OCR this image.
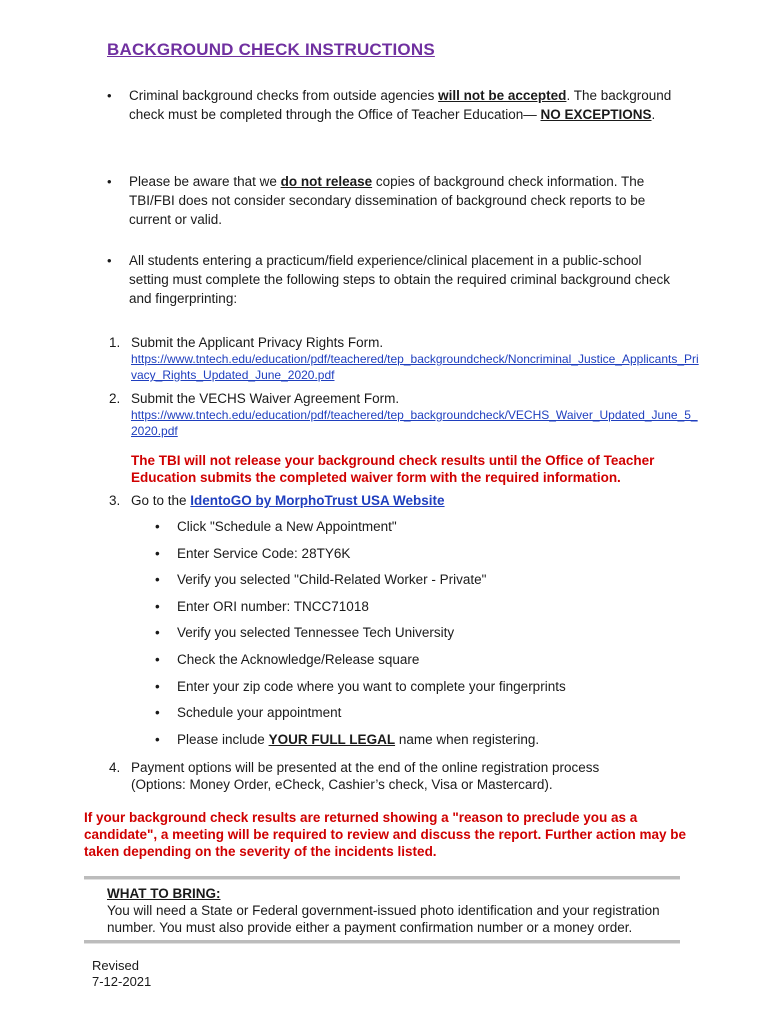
BACKGROUND CHECK INSTRUCTIONS
• Criminal background checks from outside agencies will not be accepted. The background check must be completed through the Office of Teacher Education— NO EXCEPTIONS.
• Please be aware that we do not release copies of background check information. The TBI/FBI does not consider secondary dissemination of background check reports to be current or valid.
• All students entering a practicum/field experience/clinical placement in a public-school setting must complete the following steps to obtain the required criminal background check and fingerprinting:
1. Submit the Applicant Privacy Rights Form.
https://www.tntech.edu/education/pdf/teachered/tep_backgroundcheck/Noncriminal_Justice_Applicants_Privacy_Rights_Updated_June_2020.pdf
2. Submit the VECHS Waiver Agreement Form.
https://www.tntech.edu/education/pdf/teachered/tep_backgroundcheck/VECHS_Waiver_Updated_June_5_2020.pdf
The TBI will not release your background check results until the Office of Teacher Education submits the completed waiver form with the required information.
3. Go to the IdentoGO by MorphoTrust USA Website
• Click "Schedule a New Appointment"
• Enter Service Code: 28TY6K
• Verify you selected "Child-Related Worker - Private"
• Enter ORI number: TNCC71018
• Verify you selected Tennessee Tech University
• Check the Acknowledge/Release square
• Enter your zip code where you want to complete your fingerprints
• Schedule your appointment
• Please include YOUR FULL LEGAL name when registering.
4. Payment options will be presented at the end of the online registration process (Options: Money Order, eCheck, Cashier’s check, Visa or Mastercard).
If your background check results are returned showing a "reason to preclude you as a candidate", a meeting will be required to review and discuss the report. Further action may be taken depending on the severity of the incidents listed.
WHAT TO BRING:
You will need a State or Federal government-issued photo identification and your registration number. You must also provide either a payment confirmation number or a money order.
Revised
7-12-2021
